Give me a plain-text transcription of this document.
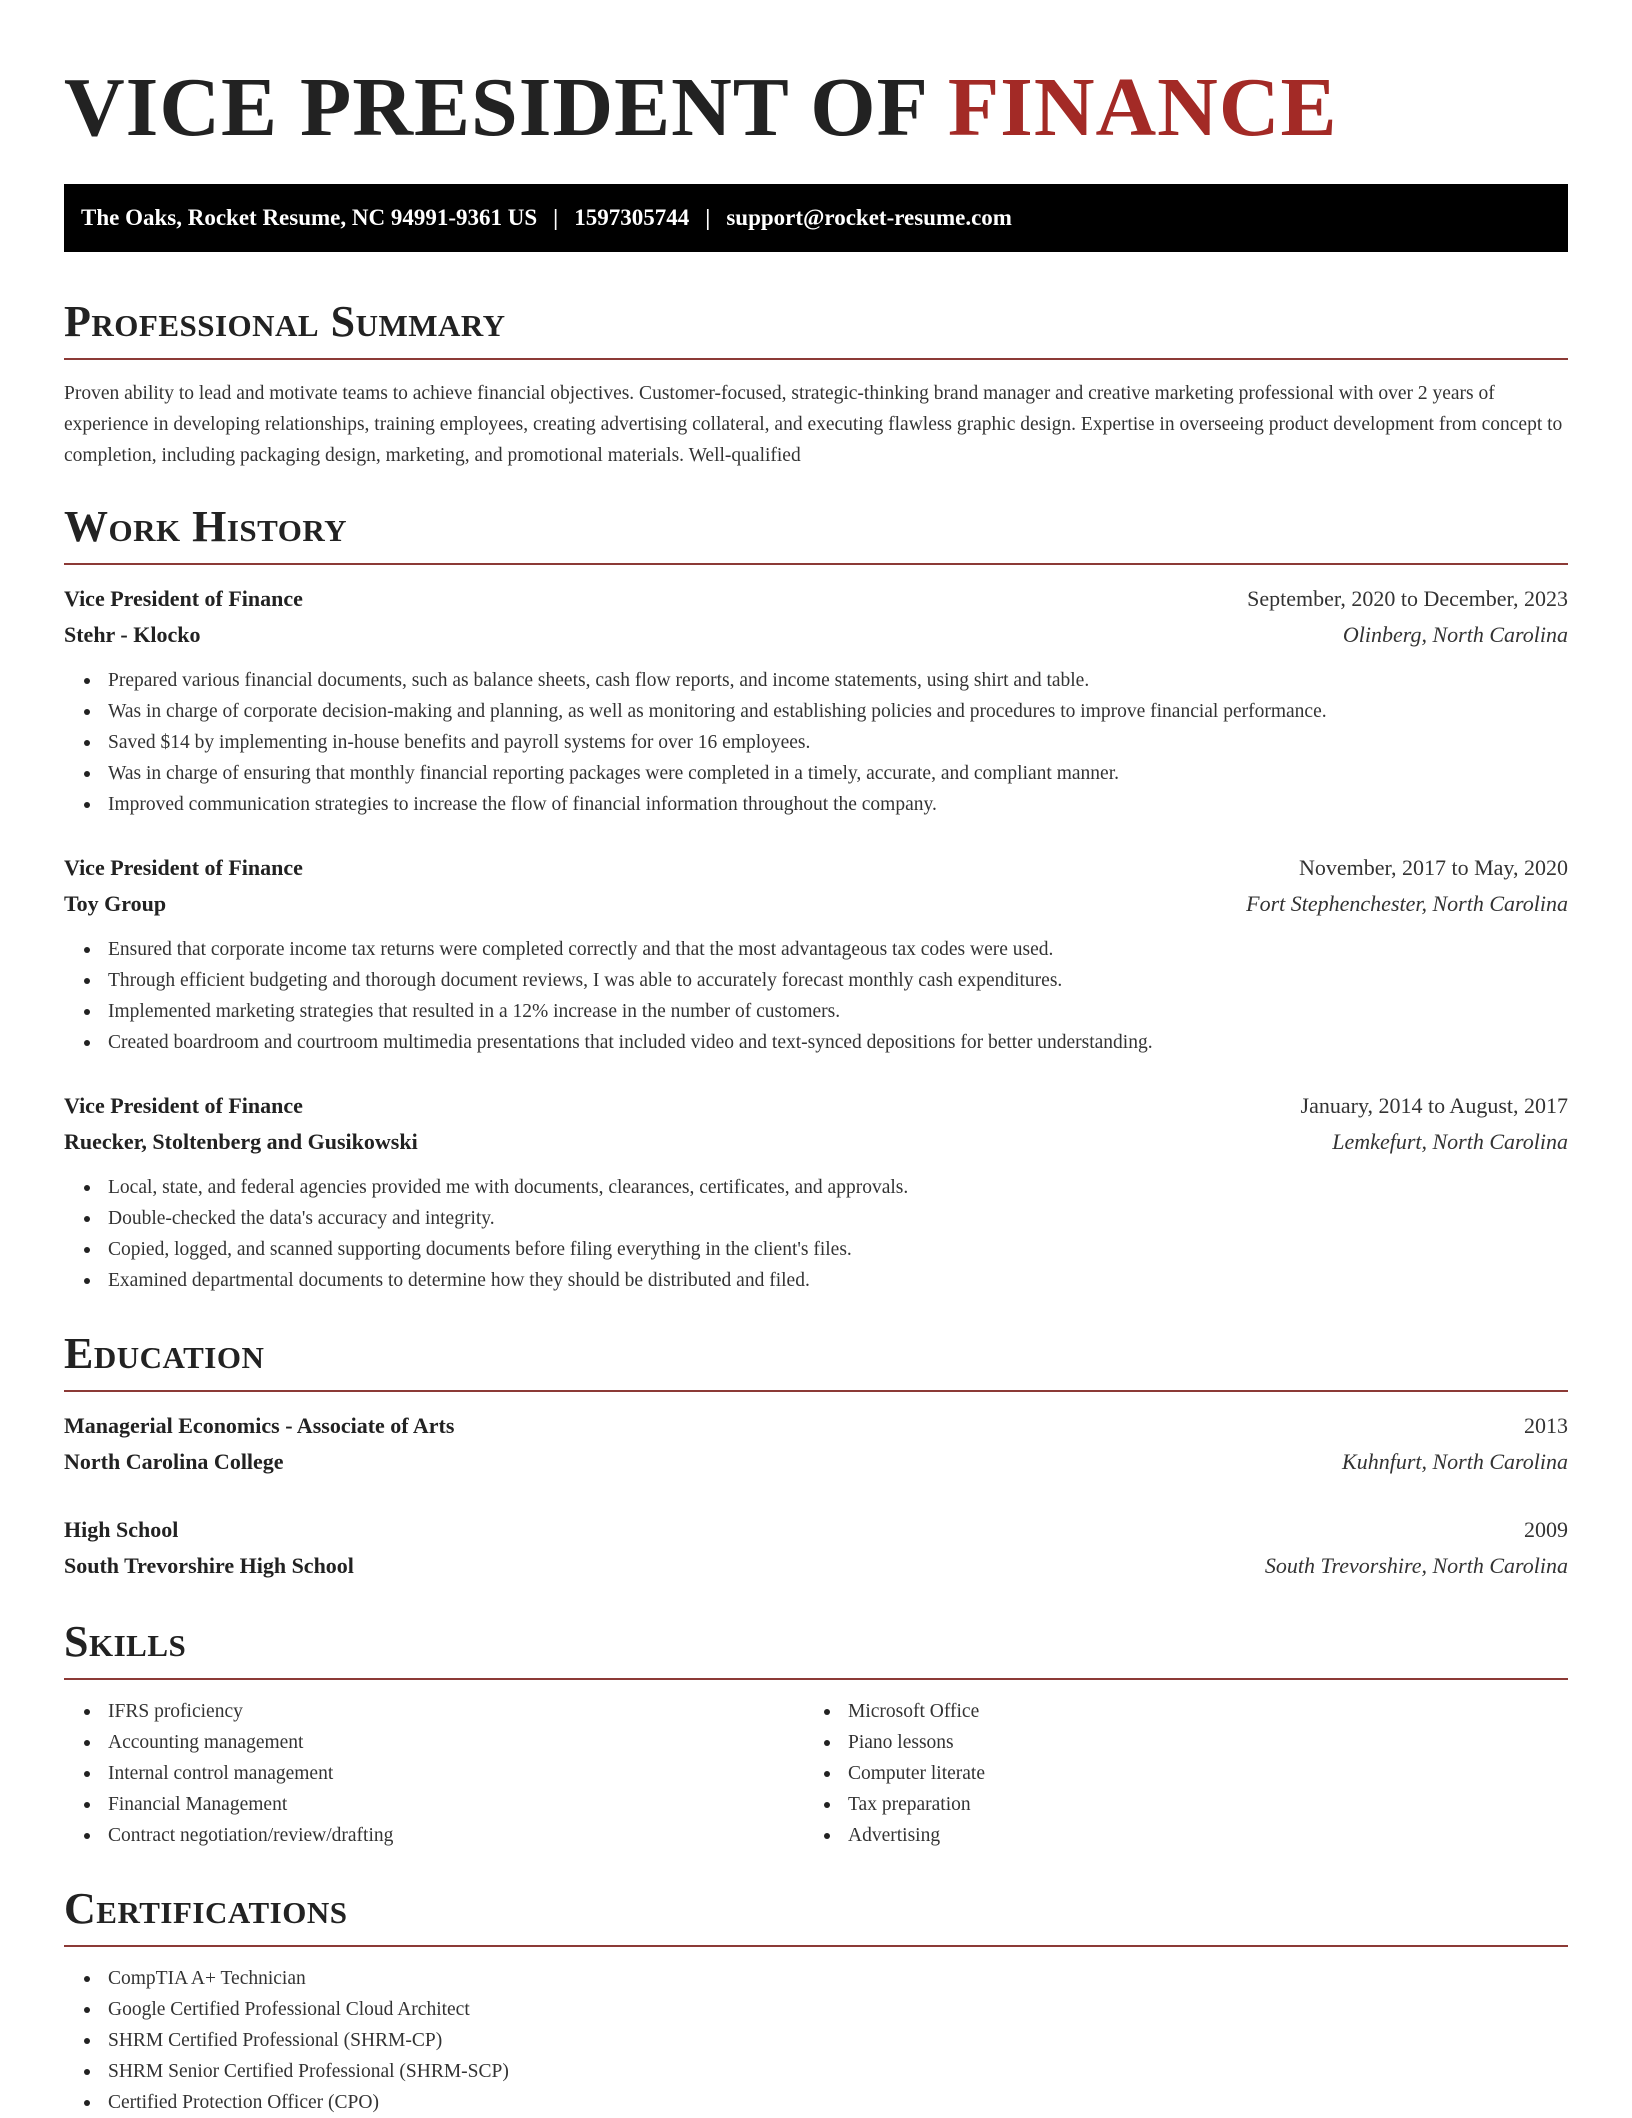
VICE PRESIDENT OF FINANCE
The Oaks, Rocket Resume, NC 94991-9361 US | 1597305744 | support@rocket-resume.com
Professional Summary

Proven ability to lead and motivate teams to achieve financial objectives. Customer-focused, strategic-thinking brand manager and creative marketing professional with over 2 years of experience in developing relationships, training employees, creating advertising collateral, and executing flawless graphic design. Expertise in overseeing product development from concept to completion, including packaging design, marketing, and promotional materials. Well-qualified

Work History
Vice President of Finance	September, 2020 to December, 2023
Stehr - Klocko	Olinberg, North Carolina
Prepared various financial documents, such as balance sheets, cash flow reports, and income statements, using shirt and table.
Was in charge of corporate decision-making and planning, as well as monitoring and establishing policies and procedures to improve financial performance.
Saved $14 by implementing in-house benefits and payroll systems for over 16 employees.
Was in charge of ensuring that monthly financial reporting packages were completed in a timely, accurate, and compliant manner.
Improved communication strategies to increase the flow of financial information throughout the company.
Vice President of Finance	November, 2017 to May, 2020
Toy Group	Fort Stephenchester, North Carolina
Ensured that corporate income tax returns were completed correctly and that the most advantageous tax codes were used.
Through efficient budgeting and thorough document reviews, I was able to accurately forecast monthly cash expenditures.
Implemented marketing strategies that resulted in a 12% increase in the number of customers.
Created boardroom and courtroom multimedia presentations that included video and text-synced depositions for better understanding.
Vice President of Finance	January, 2014 to August, 2017
Ruecker, Stoltenberg and Gusikowski	Lemkefurt, North Carolina
Local, state, and federal agencies provided me with documents, clearances, certificates, and approvals.
Double-checked the data's accuracy and integrity.
Copied, logged, and scanned supporting documents before filing everything in the client's files.
Examined departmental documents to determine how they should be distributed and filed.
Education
Managerial Economics - Associate of Arts	2013
North Carolina College	Kuhnfurt, North Carolina
High School	2009
South Trevorshire High School	South Trevorshire, North Carolina
Skills
IFRS proficiency
Accounting management
Internal control management
Financial Management
Contract negotiation/review/drafting
Microsoft Office
Piano lessons
Computer literate
Tax preparation
Advertising
Certifications
CompTIA A+ Technician
Google Certified Professional Cloud Architect
SHRM Certified Professional (SHRM-CP)
SHRM Senior Certified Professional (SHRM-SCP)
Certified Protection Officer (CPO)
